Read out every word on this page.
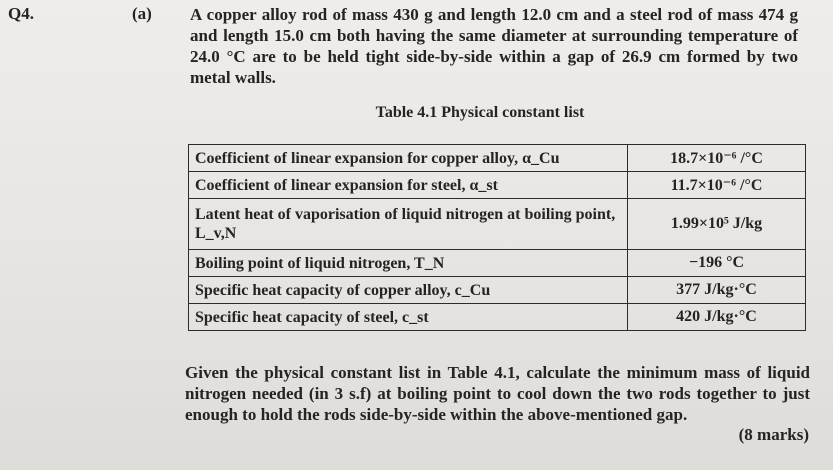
Q4.	(a) A copper alloy rod of mass 430 g and length 12.0 cm and a steel rod of mass 474 g and length 15.0 cm both having the same diameter at surrounding temperature of 24.0 °C are to be held tight side-by-side within a gap of 26.9 cm formed by two metal walls.
Table 4.1 Physical constant list
Coefficient of linear expansion for copper alloy, α_Cu	18.7×10⁻⁶ /°C
Coefficient of linear expansion for steel, α_st	11.7×10⁻⁶ /°C
Latent heat of vaporisation of liquid nitrogen at boiling point, L_v,N	1.99×10⁵ J/kg
Boiling point of liquid nitrogen, T_N	−196 °C
Specific heat capacity of copper alloy, c_Cu	377 J/kg·°C
Specific heat capacity of steel, c_st	420 J/kg·°C
Given the physical constant list in Table 4.1, calculate the minimum mass of liquid nitrogen needed (in 3 s.f) at boiling point to cool down the two rods together to just enough to hold the rods side-by-side within the above-mentioned gap.
(8 marks)
